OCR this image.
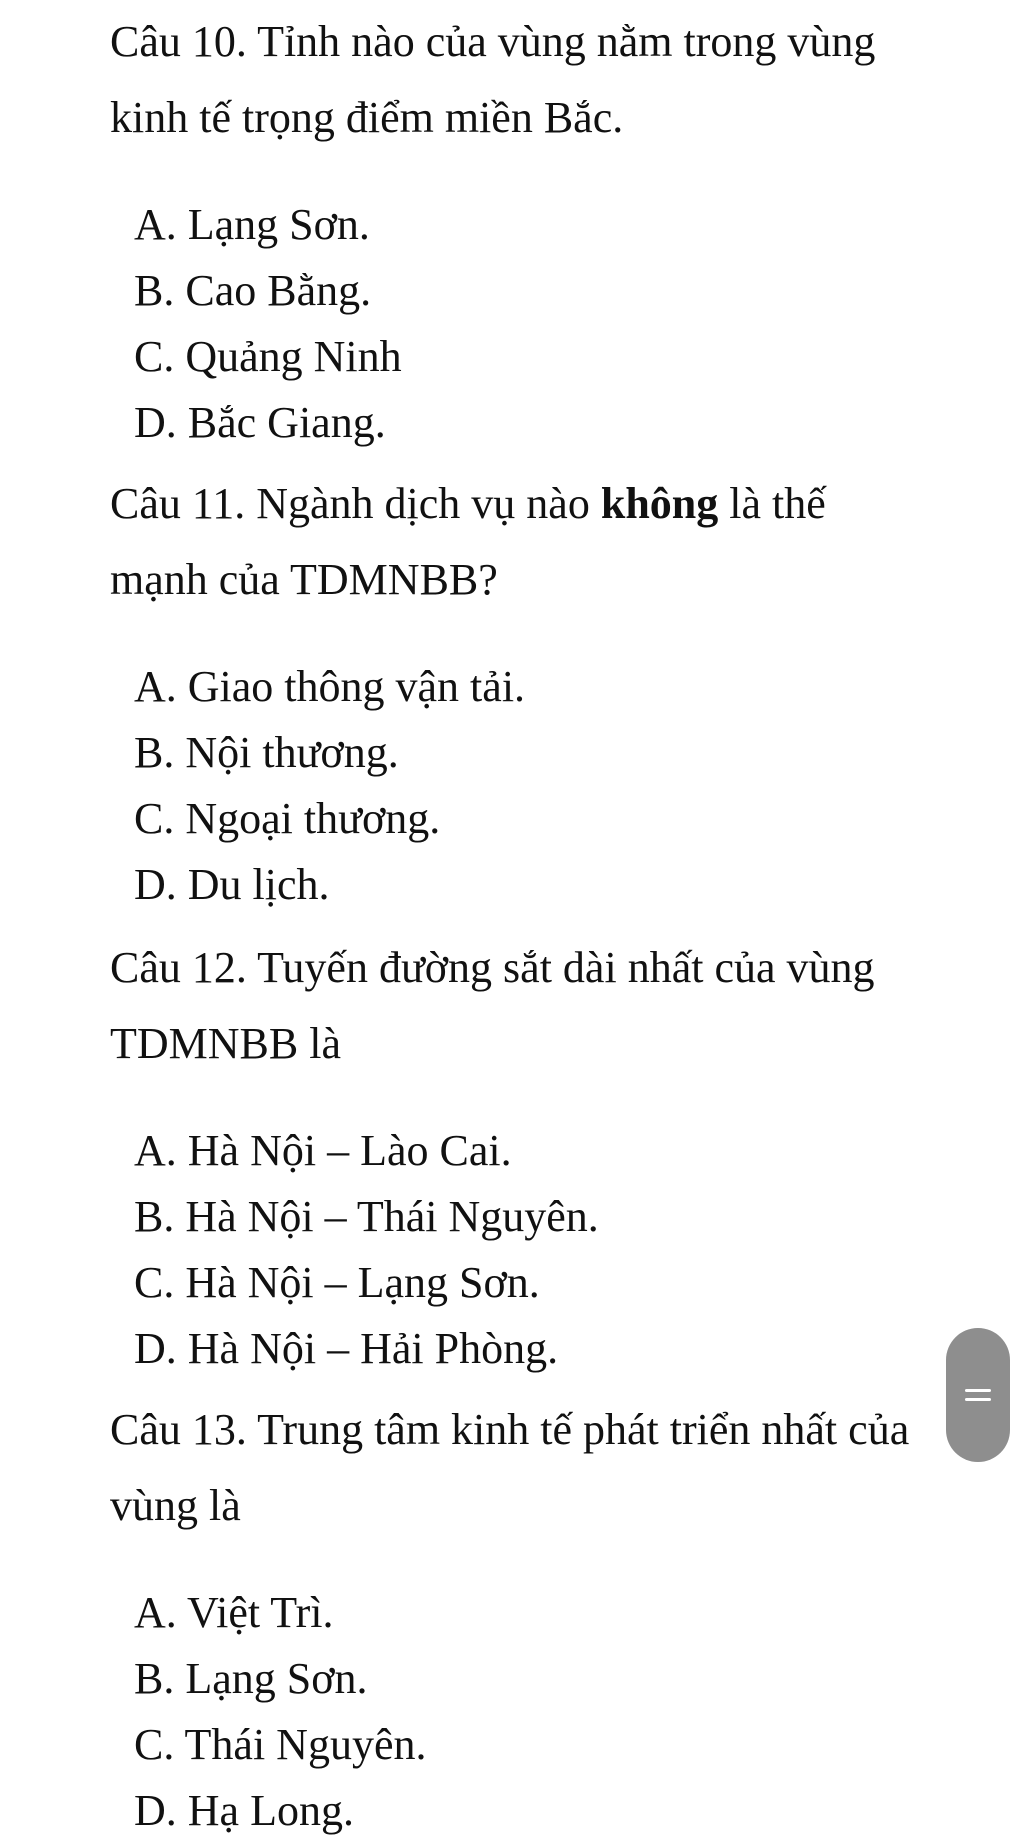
Câu 10. Tỉnh nào của vùng nằm trong vùng kinh tế trọng điểm miền Bắc.

A. Lạng Sơn.
B. Cao Bằng.
C. Quảng Ninh
D. Bắc Giang.

Câu 11. Ngành dịch vụ nào không là thế mạnh của TDMNBB?

A. Giao thông vận tải.
B. Nội thương.
C. Ngoại thương.
D. Du lịch.

Câu 12. Tuyến đường sắt dài nhất của vùng TDMNBB là

A. Hà Nội – Lào Cai.
B. Hà Nội – Thái Nguyên.
C. Hà Nội – Lạng Sơn.
D. Hà Nội – Hải Phòng.

Câu 13. Trung tâm kinh tế phát triển nhất của vùng là

A. Việt Trì.
B. Lạng Sơn.
C. Thái Nguyên.
D. Hạ Long.
